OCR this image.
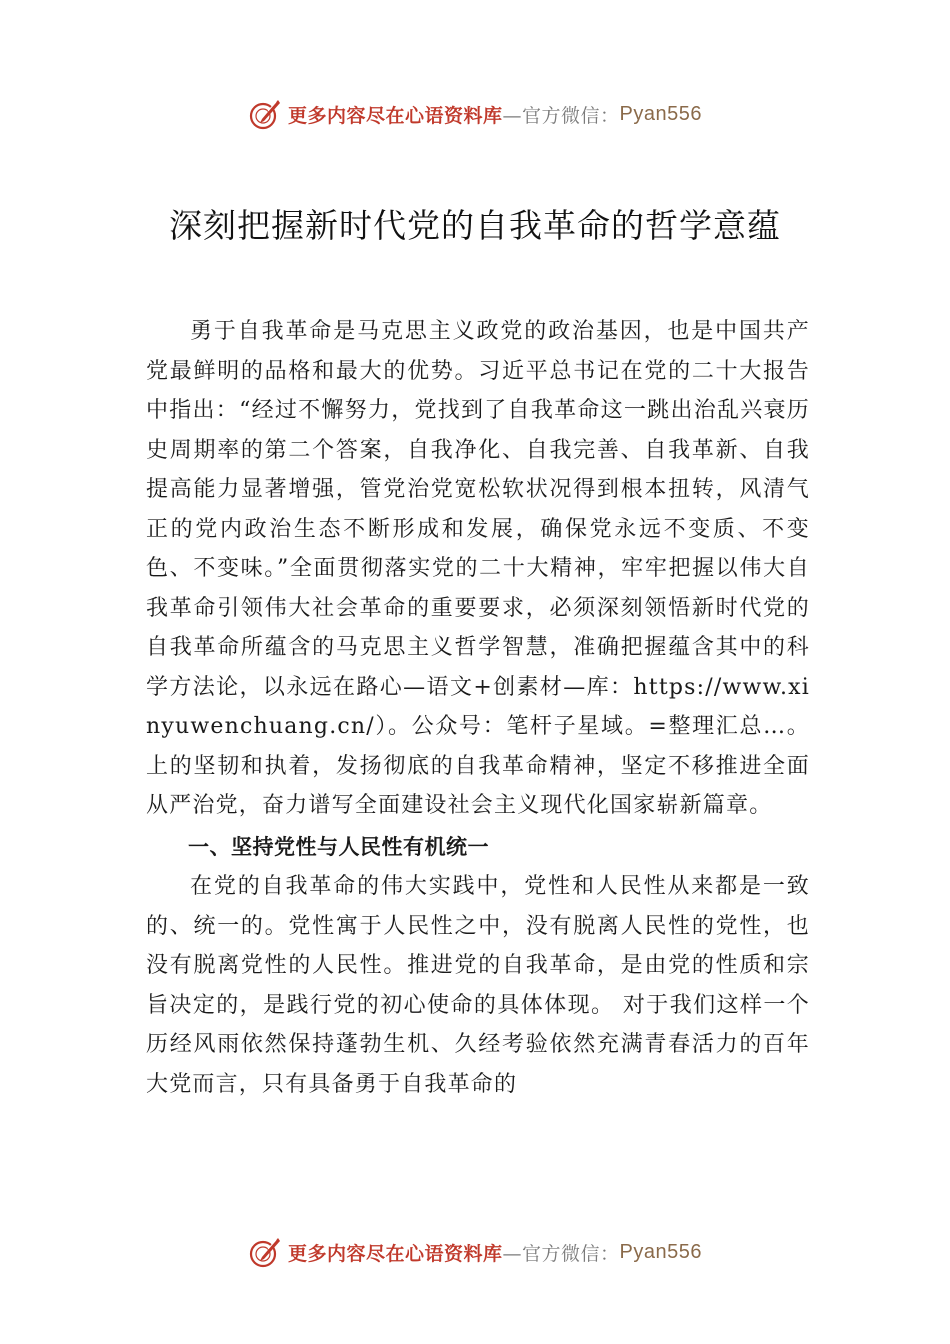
更多内容尽在心语资料库 —官方微信： Pyan556
深刻把握新时代党的自我革命的哲学意蕴

勇于自我革命是马克思主义政党的政治基因，也是中国共产党最鲜明的品格和最大的优势。习近平总书记在党的二十大报告中指出：“经过不懈努力，党找到了自我革命这一跳出治乱兴衰历史周期率的第二个答案，自我净化、自我完善、自我革新、自我提高能力显著增强，管党治党宽松软状况得到根本扭转，风清气正的党内政治生态不断形成和发展，确保党永远不变质、不变色、不变味。”全面贯彻落实党的二十大精神，牢牢把握以伟大自我革命引领伟大社会革命的重要要求，必须深刻领悟新时代党的自我革命所蕴含的马克思主义哲学智慧，准确把握蕴含其中的科学方法论，以永远在路心—语文+创素材—库：https://www.xinyuwenchuang.cn/）。公众号：笔杆子星域。=整理汇总…。上的坚韧和执着，发扬彻底的自我革命精神，坚定不移推进全面从严治党，奋力谱写全面建设社会主义现代化国家崭新篇章。

一、坚持党性与人民性有机统一

在党的自我革命的伟大实践中，党性和人民性从来都是一致的、统一的。党性寓于人民性之中，没有脱离人民性的党性，也没有脱离党性的人民性。推进党的自我革命，是由党的性质和宗旨决定的，是践行党的初心使命的具体体现。 对于我们这样一个历经风雨依然保持蓬勃生机、久经考验依然充满青春活力的百年大党而言，只有具备勇于自我革命的

更多内容尽在心语资料库 —官方微信： Pyan556
